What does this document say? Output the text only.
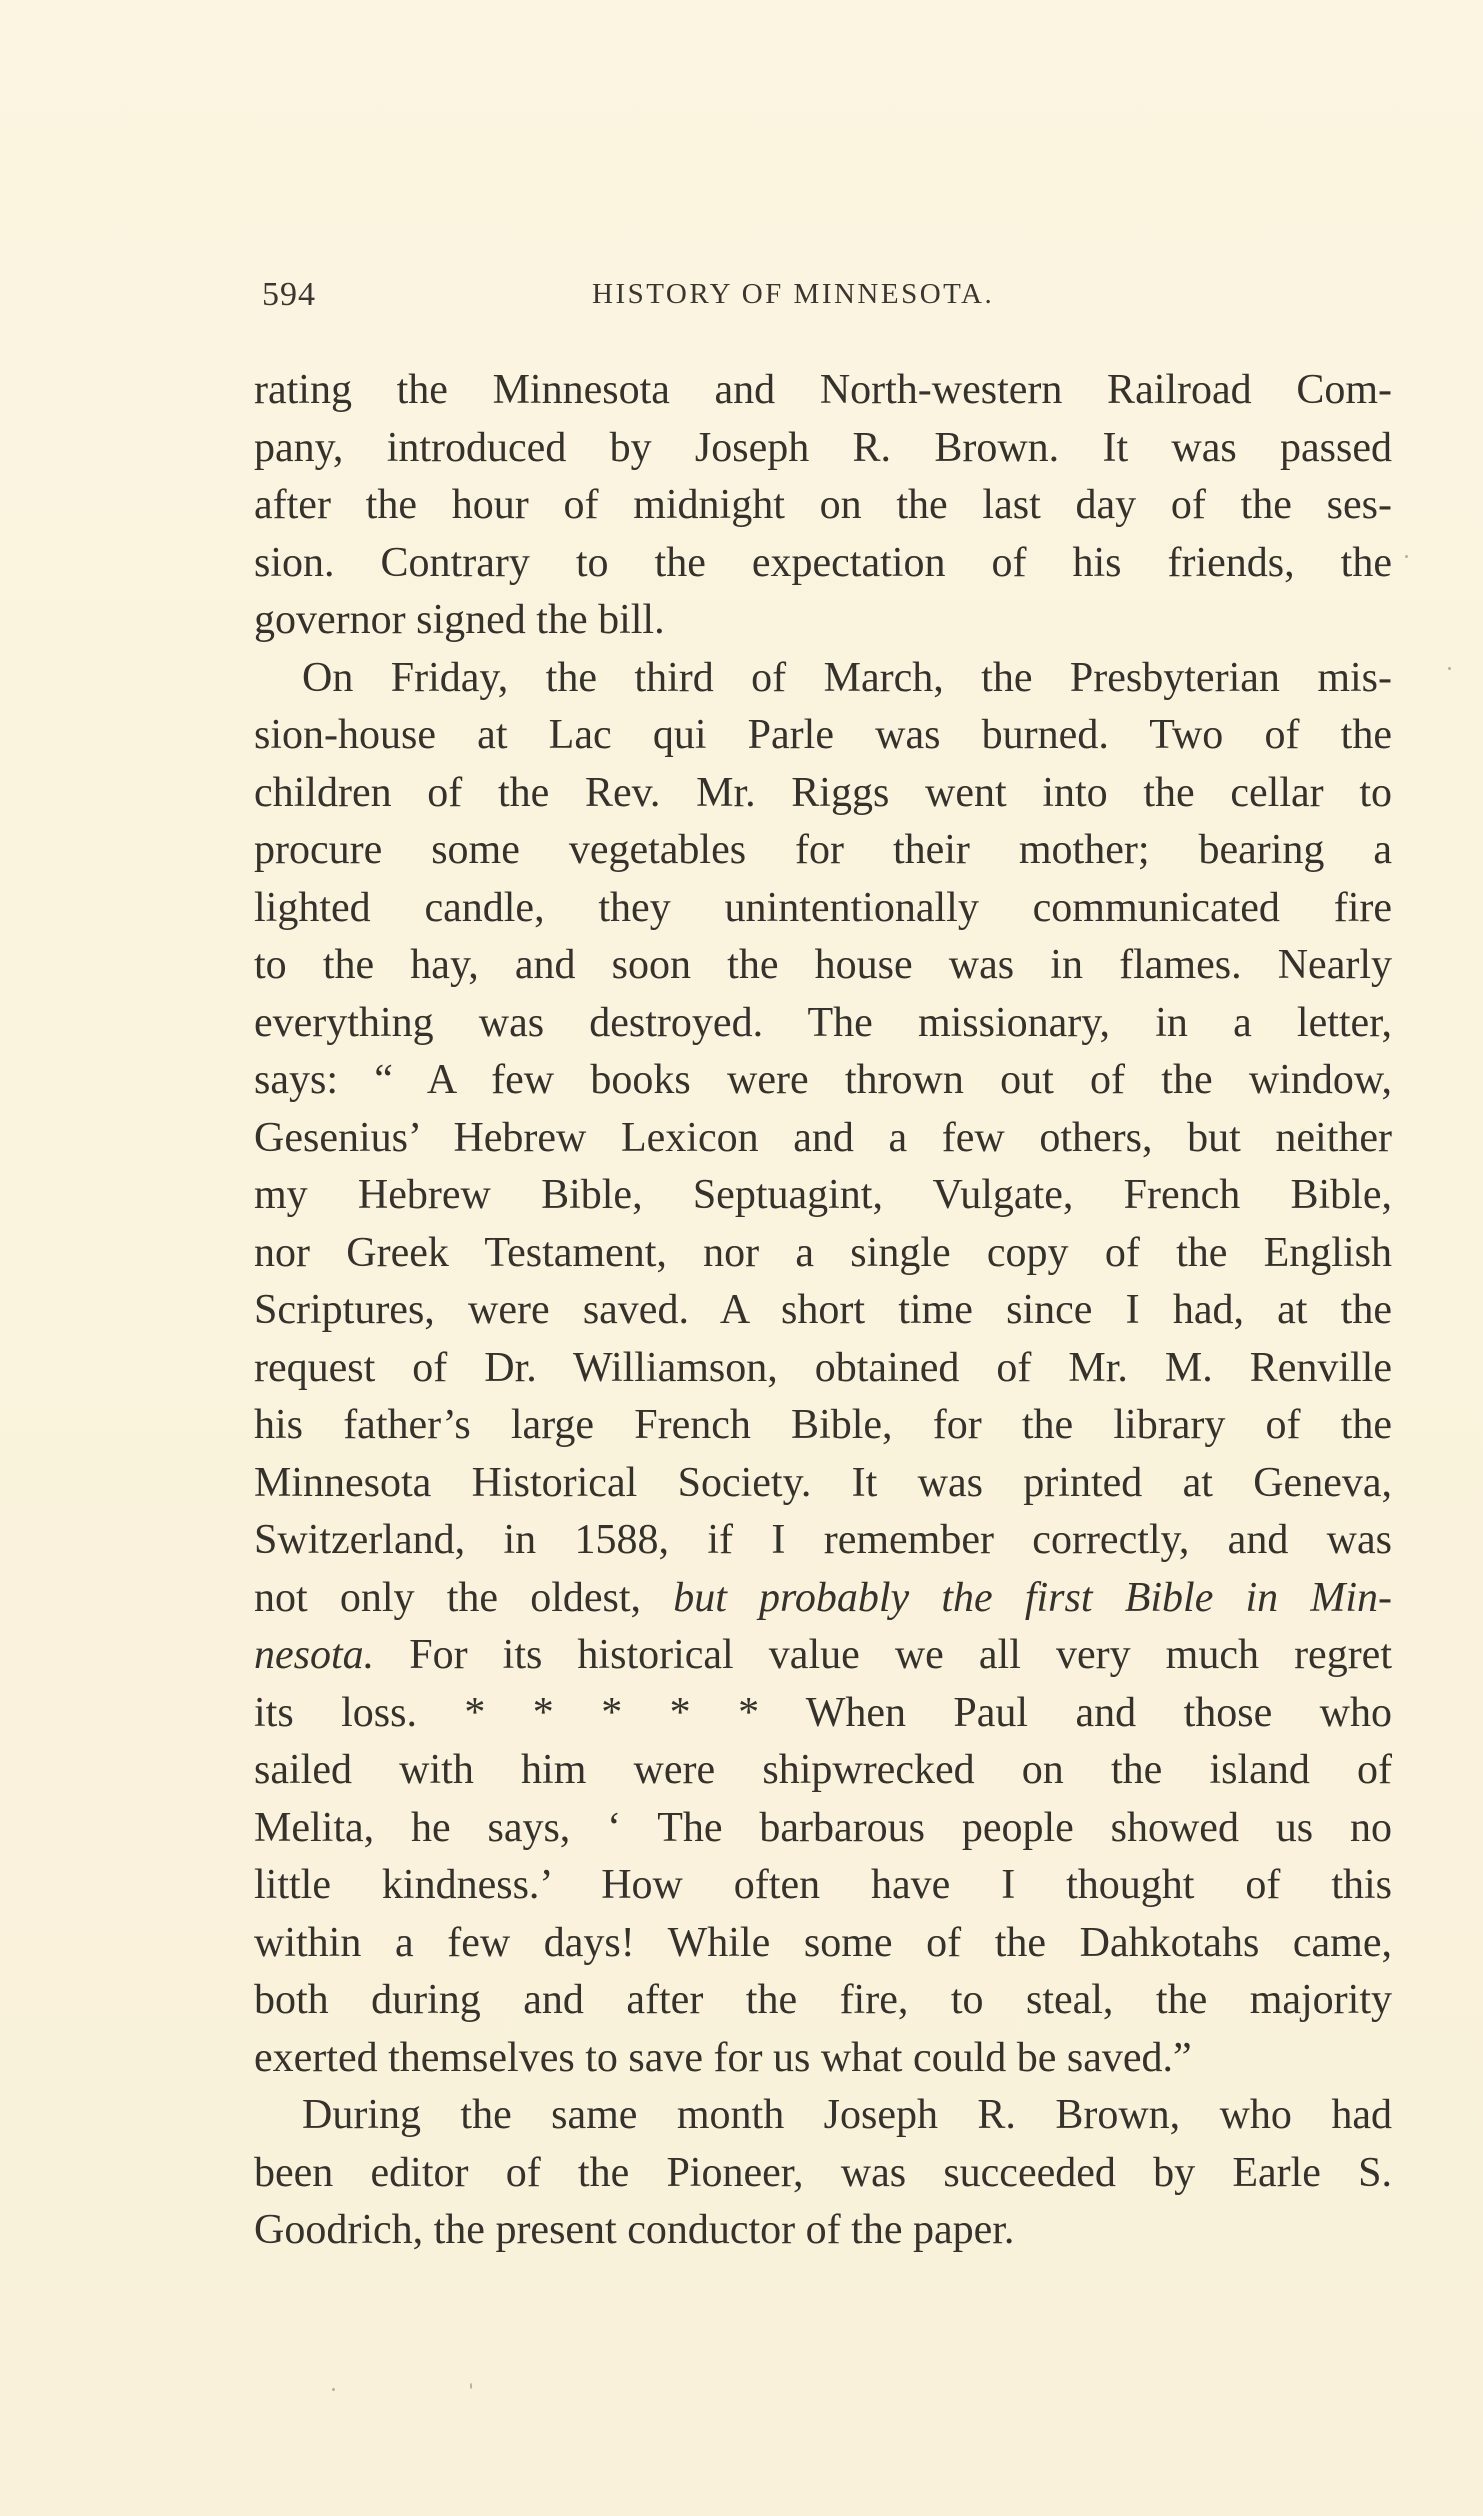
594	HISTORY OF MINNESOTA.

rating the Minnesota and North-western Railroad Com-
pany, introduced by Joseph R. Brown. It was passed
after the hour of midnight on the last day of the ses-
sion. Contrary to the expectation of his friends, the
governor signed the bill.

On Friday, the third of March, the Presbyterian mis-
sion-house at Lac qui Parle was burned. Two of the
children of the Rev. Mr. Riggs went into the cellar to
procure some vegetables for their mother; bearing a
lighted candle, they unintentionally communicated fire
to the hay, and soon the house was in flames. Nearly
everything was destroyed. The missionary, in a letter,
says: “ A few books were thrown out of the window,
Gesenius’ Hebrew Lexicon and a few others, but neither
my Hebrew Bible, Septuagint, Vulgate, French Bible,
nor Greek Testament, nor a single copy of the English
Scriptures, were saved. A short time since I had, at the
request of Dr. Williamson, obtained of Mr. M. Renville
his father’s large French Bible, for the library of the
Minnesota Historical Society. It was printed at Geneva,
Switzerland, in 1588, if I remember correctly, and was
not only the oldest, but probably the first Bible in Min-
nesota. For its historical value we all very much regret
its loss. * * * * * When Paul and those who
sailed with him were shipwrecked on the island of
Melita, he says, ‘ The barbarous people showed us no
little kindness.’ How often have I thought of this
within a few days! While some of the Dahkotahs came,
both during and after the fire, to steal, the majority
exerted themselves to save for us what could be saved.”

During the same month Joseph R. Brown, who had
been editor of the Pioneer, was succeeded by Earle S.
Goodrich, the present conductor of the paper.
